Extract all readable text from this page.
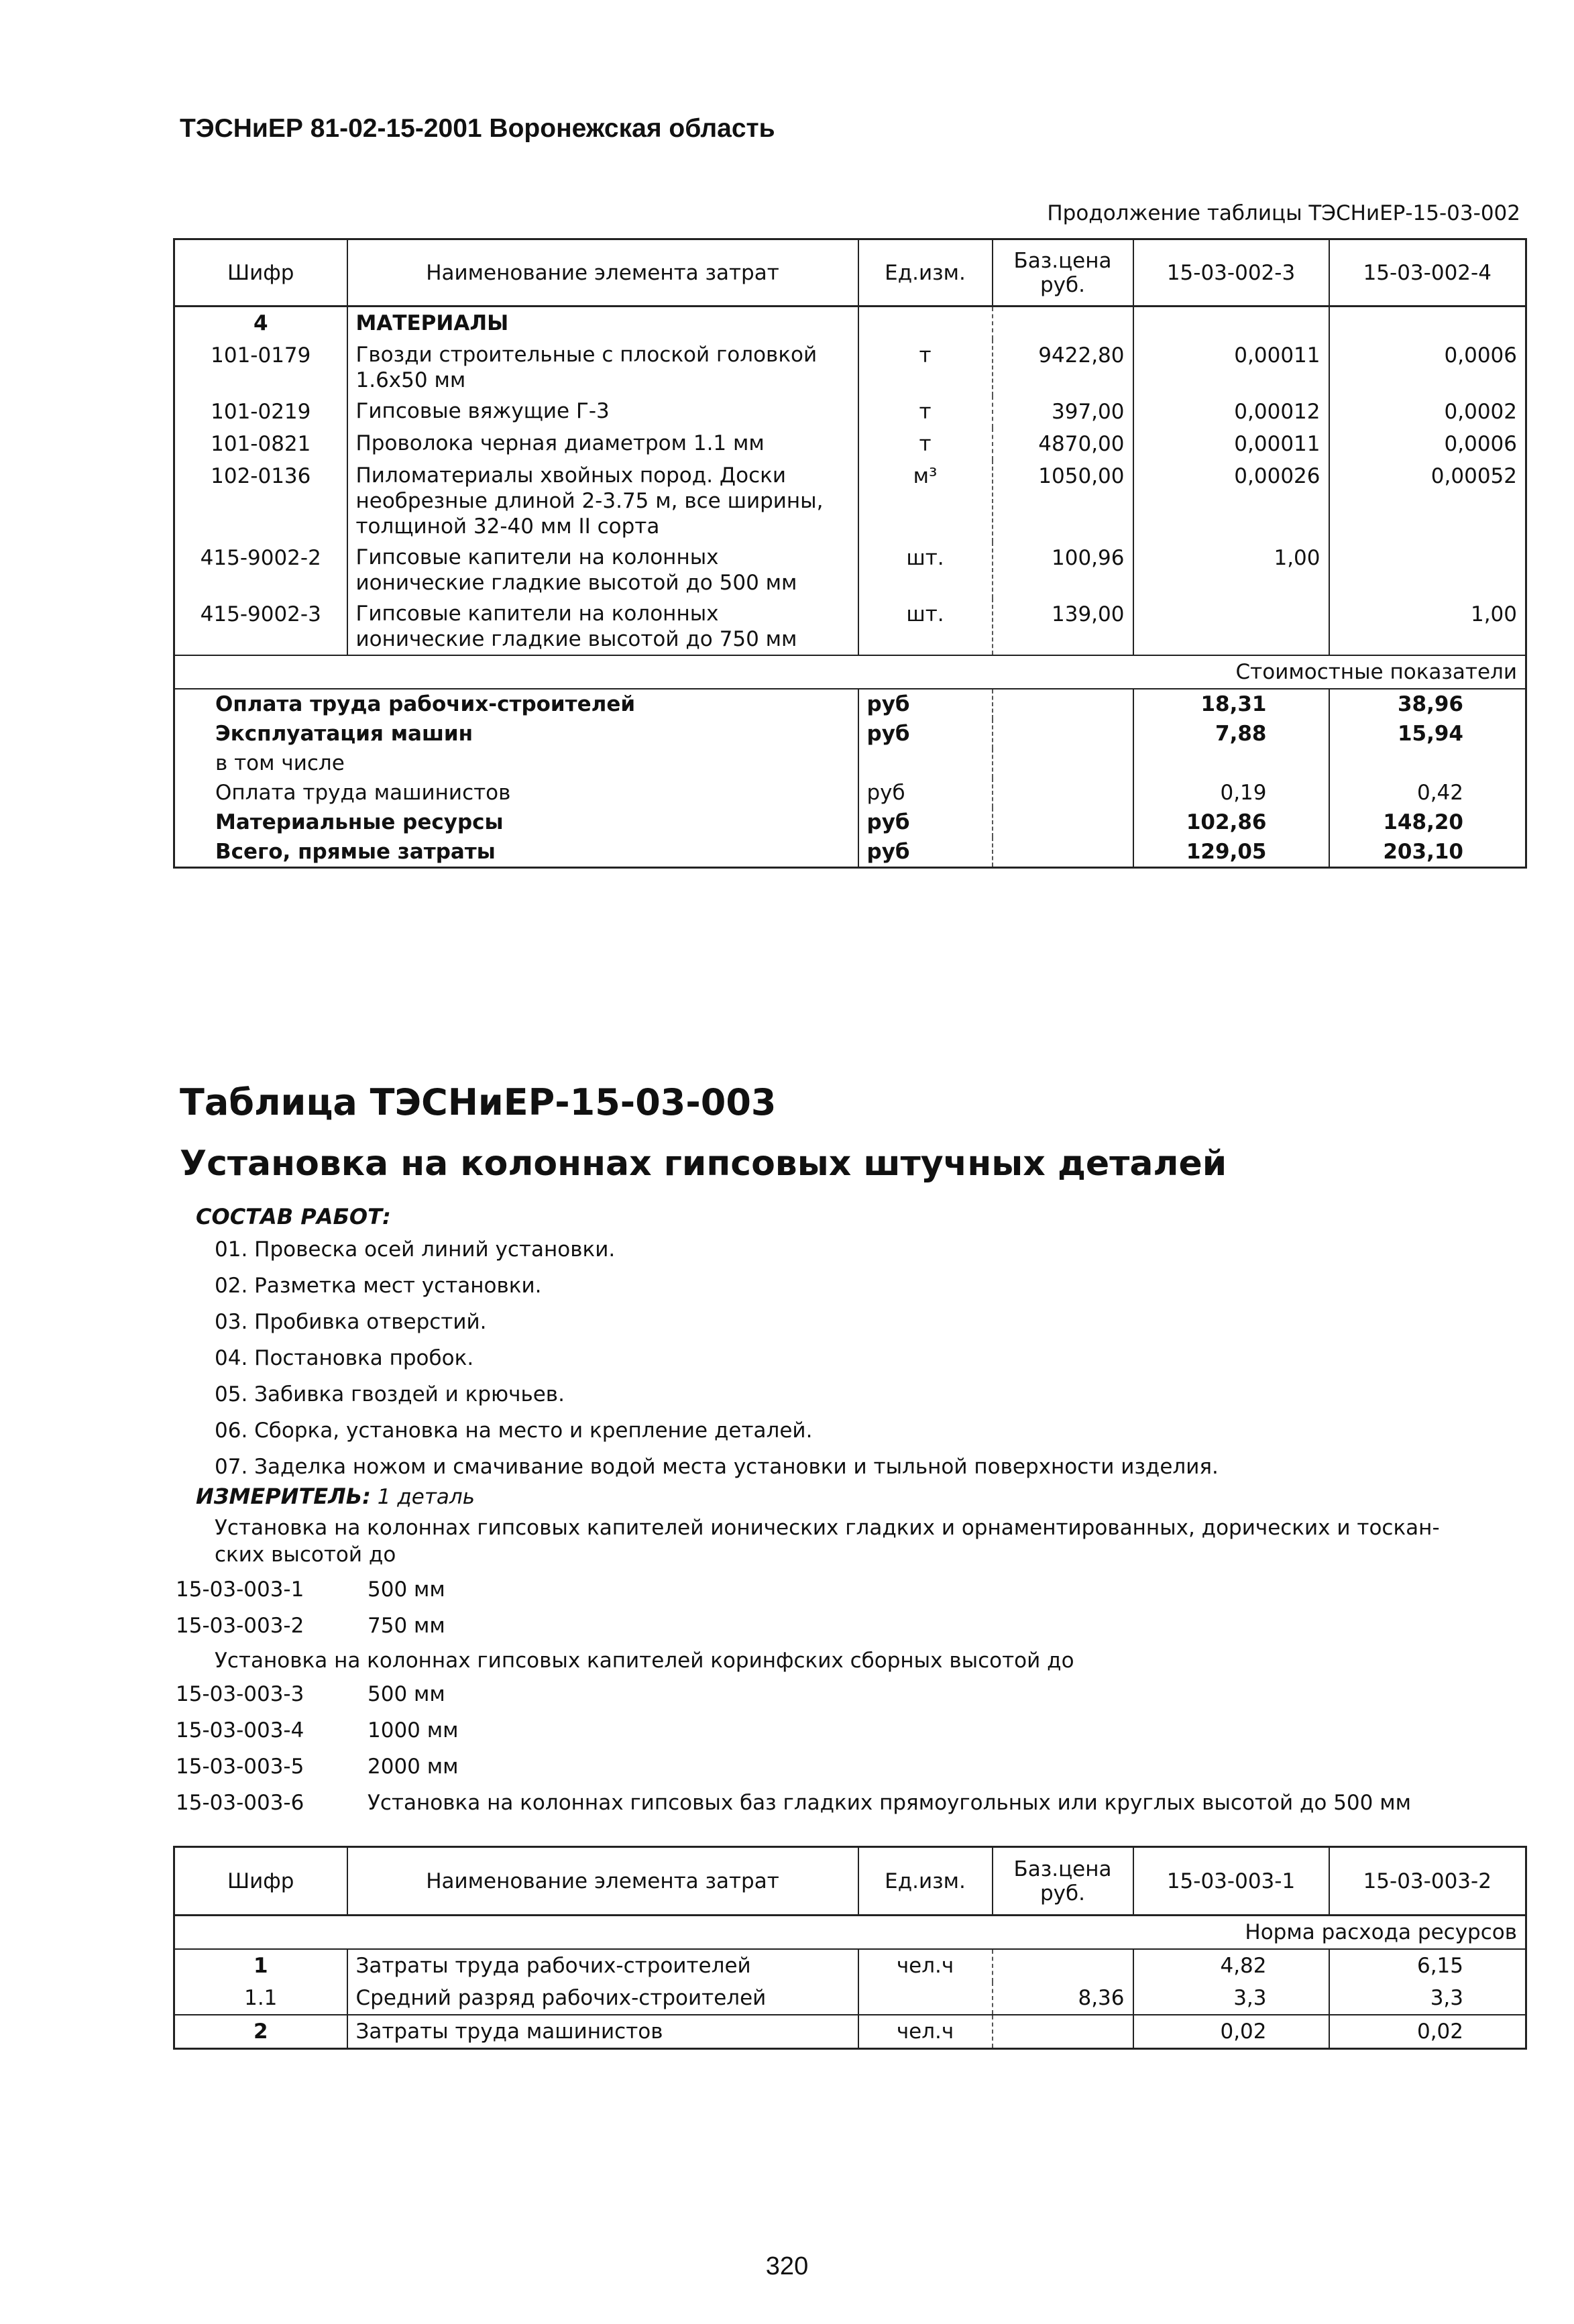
ТЭСНиЕР 81-02-15-2001 Воронежская область
Продолжение таблицы ТЭСНиЕР-15-03-002
Шифр	Наименование элемента затрат	Ед.изм.	Баз.цена руб.	15-03-002-3	15-03-002-4
4	МАТЕРИАЛЫ				
101-0179	Гвозди строительные с плоской головкой 1.6х50 мм	т	9422,80	0,00011	0,0006
101-0219	Гипсовые вяжущие Г-3	т	397,00	0,00012	0,0002
101-0821	Проволока черная диаметром 1.1 мм	т	4870,00	0,00011	0,0006
102-0136	Пиломатериалы хвойных пород. Доски необрезные длиной 2-3.75 м, все ширины, толщиной 32-40 мм II сорта	м³	1050,00	0,00026	0,00052
415-9002-2	Гипсовые капители на колонных ионические гладкие высотой до 500 мм	шт.	100,96	1,00	
415-9002-3	Гипсовые капители на колонных ионические гладкие высотой до 750 мм	шт.	139,00		1,00
				Стоимостные показатели	
Оплата труда рабочих-строителей		руб		18,31	38,96
Эксплуатация машин		руб		7,88	15,94
в том числе					
Оплата труда машинистов		руб		0,19	0,42
Материальные ресурсы		руб		102,86	148,20
Всего, прямые затраты		руб		129,05	203,10
Таблица ТЭСНиЕР-15-03-003
Установка на колоннах гипсовых штучных деталей
СОСТАВ РАБОТ:
01. Провеска осей линий установки.
02. Разметка мест установки.
03. Пробивка отверстий.
04. Постановка пробок.
05. Забивка гвоздей и крючьев.
06. Сборка, установка на место и крепление деталей.
07. Заделка ножом и смачивание водой места установки и тыльной поверхности изделия.
ИЗМЕРИТЕЛЬ: 1 деталь
Установка на колоннах гипсовых капителей ионических гладких и орнаментированных, дорических и тоскан-
ских высотой до
15-03-003-1	500 мм
15-03-003-2	750 мм
Установка на колоннах гипсовых капителей коринфских сборных высотой до
15-03-003-3	500 мм
15-03-003-4	1000 мм
15-03-003-5	2000 мм
15-03-003-6	Установка на колоннах гипсовых баз гладких прямоугольных или круглых высотой до 500 мм
Шифр	Наименование элемента затрат	Ед.изм.	Баз.цена руб.	15-03-003-1	15-03-003-2
				Норма расхода ресурсов	
1	Затраты труда рабочих-строителей	чел.ч		4,82	6,15
1.1	Средний разряд рабочих-строителей		8,36	3,3	3,3
2	Затраты труда машинистов	чел.ч		0,02	0,02
320
